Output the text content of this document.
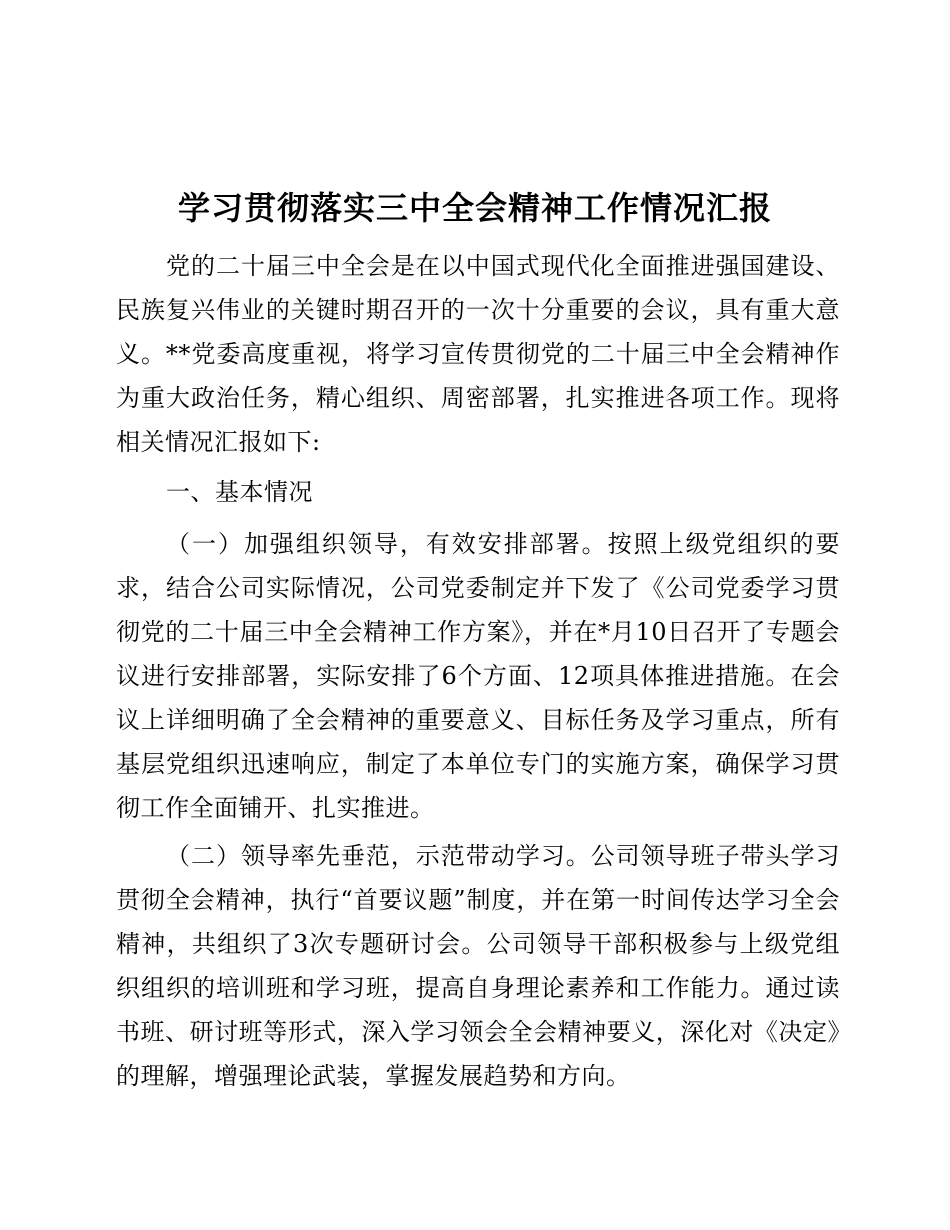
学习贯彻落实三中全会精神工作情况汇报

党的二十届三中全会是在以中国式现代化全面推进强国建设、民族复兴伟业的关键时期召开的一次十分重要的会议，具有重大意义。**党委高度重视，将学习宣传贯彻党的二十届三中全会精神作为重大政治任务，精心组织、周密部署，扎实推进各项工作。现将相关情况汇报如下:

一、基本情况

（一）加强组织领导，有效安排部署。按照上级党组织的要求，结合公司实际情况，公司党委制定并下发了《公司党委学习贯彻党的二十届三中全会精神工作方案》，并在*月10日召开了专题会议进行安排部署，实际安排了6个方面、12项具体推进措施。在会议上详细明确了全会精神的重要意义、目标任务及学习重点，所有基层党组织迅速响应，制定了本单位专门的实施方案，确保学习贯彻工作全面铺开、扎实推进。

（二）领导率先垂范，示范带动学习。公司领导班子带头学习贯彻全会精神，执行“首要议题”制度，并在第一时间传达学习全会精神，共组织了3次专题研讨会。公司领导干部积极参与上级党组织组织的培训班和学习班，提高自身理论素养和工作能力。通过读书班、研讨班等形式，深入学习领会全会精神要义，深化对《决定》的理解，增强理论武装，掌握发展趋势和方向。
